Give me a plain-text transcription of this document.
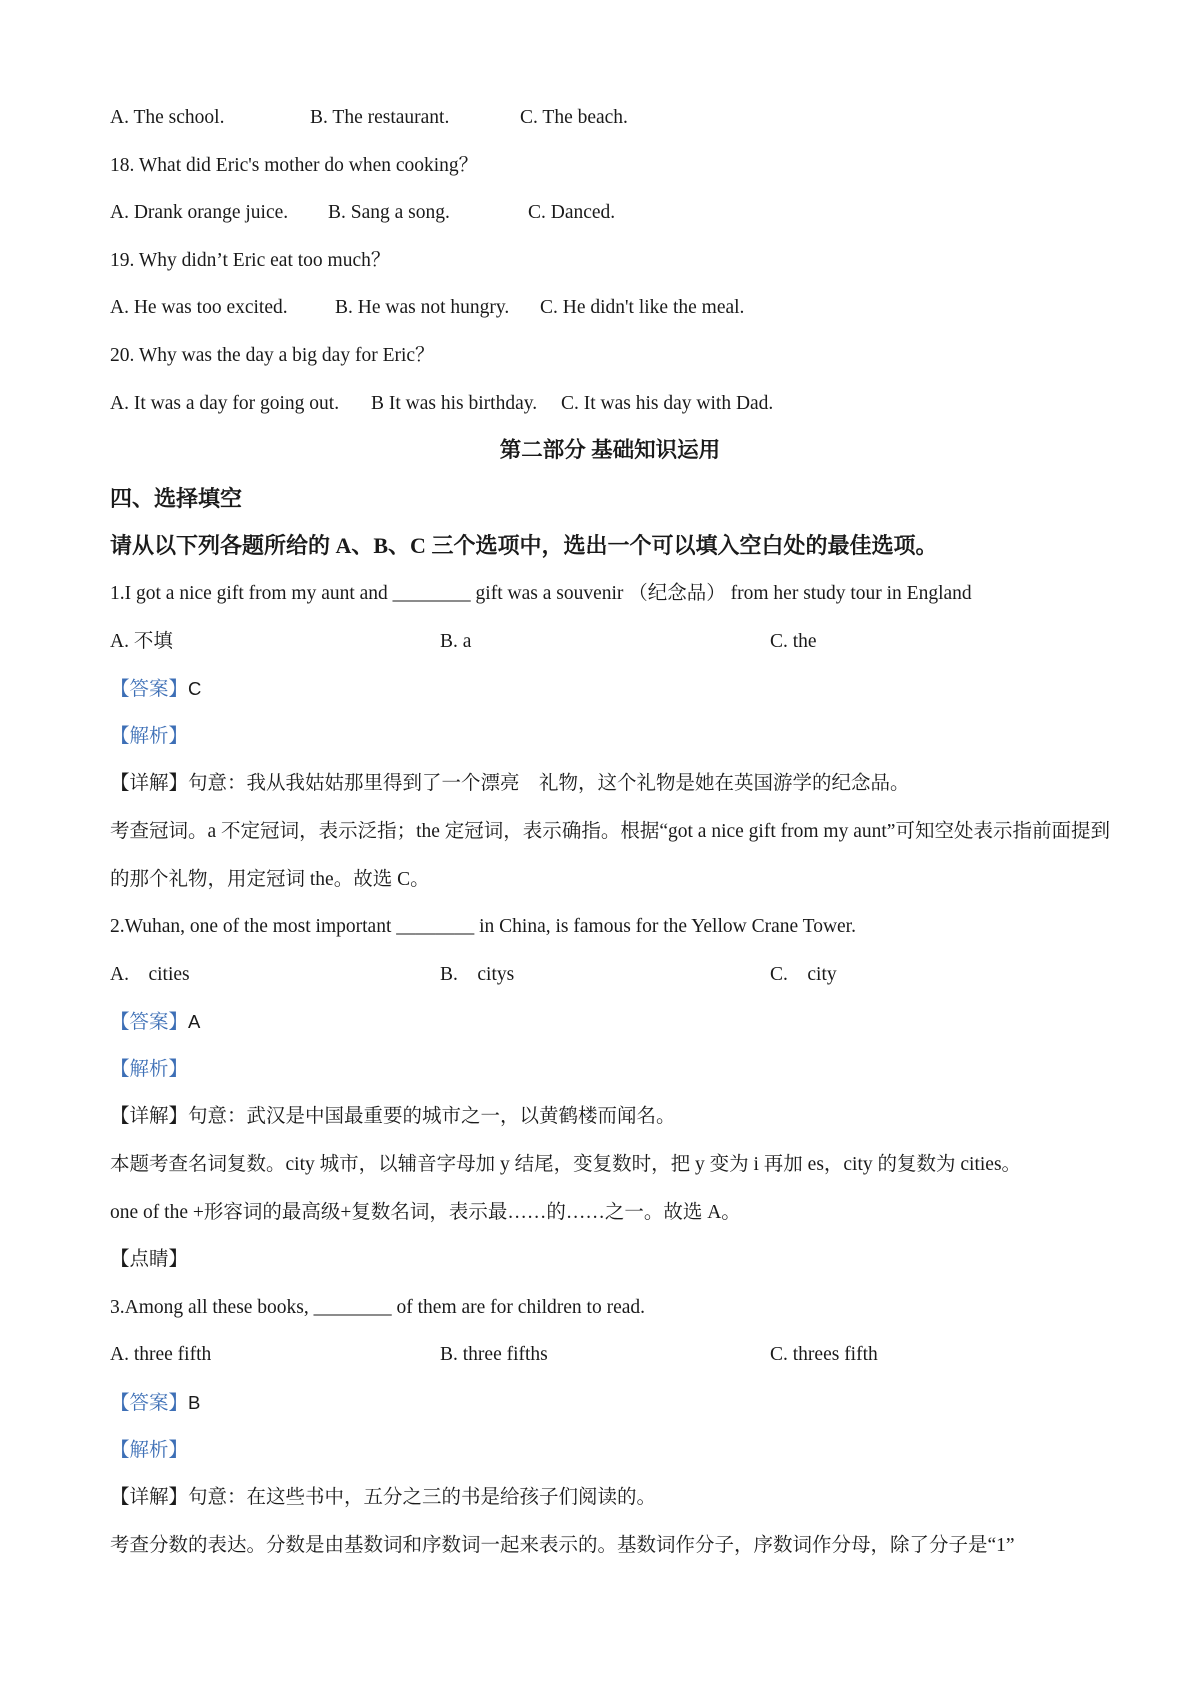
A. The school.	B. The restaurant.	C. The beach.
18. What did Eric's mother do when cooking？
A. Drank orange juice. B. Sang a song.	C. Danced.
19. Why didn’t Eric eat too much？
A. He was too excited. B. He was not hungry. C. He didn't like the meal.
20. Why was the day a big day for Eric？
A. It was a day for going out. B It was his birthday. C. It was his day with Dad.
第二部分 基础知识运用
四、选择填空
请从以下列各题所给的 A、B、C 三个选项中，选出一个可以填入空白处的最佳选项。
1.I got a nice gift from my aunt and ________ gift was a souvenir （纪念品） from her study tour in England
A. 不填	B. a	C. the
【答案】C
【解析】
【详解】句意：我从我姑姑那里得到了一个漂亮　礼物，这个礼物是她在英国游学的纪念品。
考查冠词。a 不定冠词，表示泛指；the 定冠词，表示确指。根据“got a nice gift from my aunt”可知空处表示指前面提到的那个礼物，用定冠词 the。故选 C。
2.Wuhan, one of the most important ________ in China, is famous for the Yellow Crane Tower.
A.　cities	B.　citys	C.　city
【答案】A
【解析】
【详解】句意：武汉是中国最重要的城市之一，以黄鹤楼而闻名。
本题考查名词复数。city 城市，以辅音字母加 y 结尾，变复数时，把 y 变为 i 再加 es，city 的复数为 cities。
one of the +形容词的最高级+复数名词，表示最……的……之一。故选 A。
【点睛】
3.Among all these books, ________ of them are for children to read.
A. three fifth	B. three fifths	C. threes fifth
【答案】B
【解析】
【详解】句意：在这些书中，五分之三的书是给孩子们阅读的。
考查分数的表达。分数是由基数词和序数词一起来表示的。基数词作分子，序数词作分母，除了分子是“1”
